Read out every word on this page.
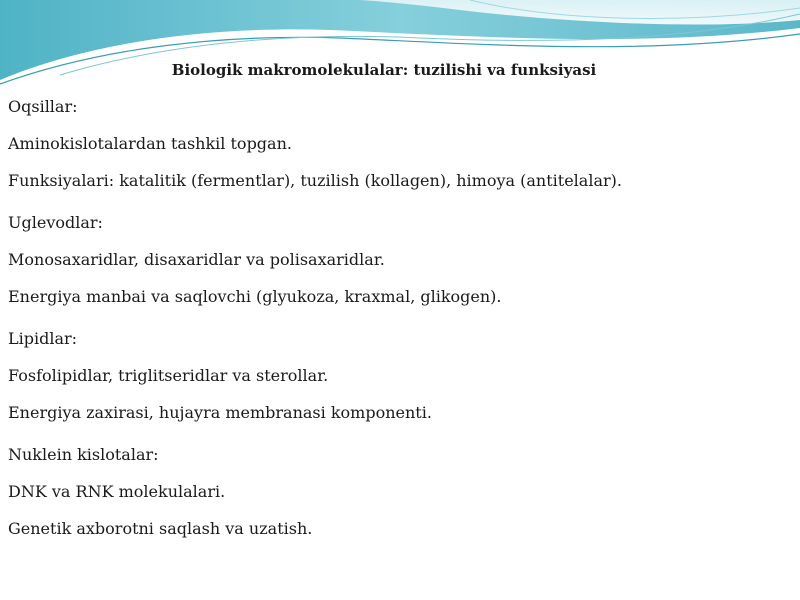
Biologik makromolekulalar: tuzilishi va funksiyasi
Oqsillar:
Aminokislotalardan tashkil topgan.
Funksiyalari: katalitik (fermentlar), tuzilish (kollagen), himoya (antitelalar).
Uglevodlar:
Monosaxaridlar, disaxaridlar va polisaxaridlar.
Energiya manbai va saqlovchi (glyukoza, kraxmal, glikogen).
Lipidlar:
Fosfolipidlar, triglitseridlar va sterollar.
Energiya zaxirasi, hujayra membranasi komponenti.
Nuklein kislotalar:
DNK va RNK molekulalari.
Genetik axborotni saqlash va uzatish.
